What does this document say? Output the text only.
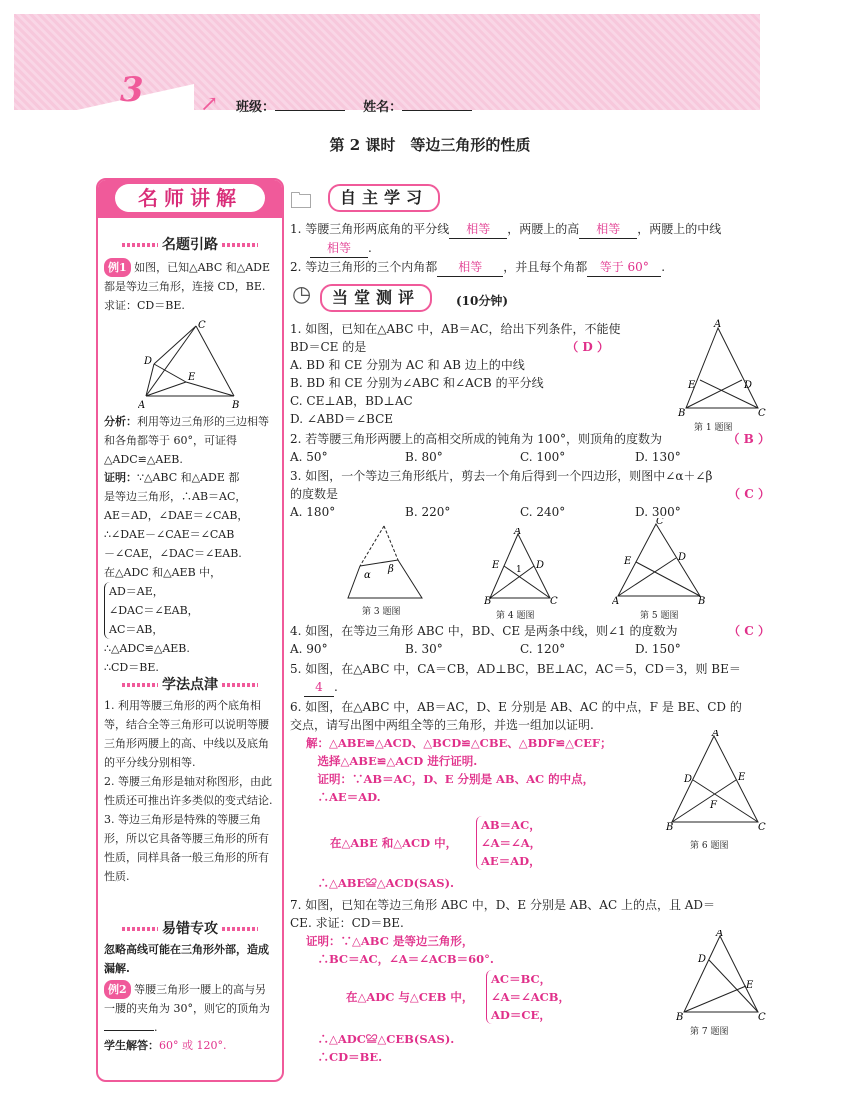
3	↗ 班级：	姓名：
第 2 课时　等边三角形的性质
名师讲解
名题引路
例1 如图，已知△ABC 和△ADE 都是等边三角形，连接 CD，BE. 求证：CD＝BE.
C
D
E
A	B
分析：利用等边三角形的三边相等和各角都等于 60°，可证得△ADC≌△AEB.
证明：∵△ABC 和△ADE 都
是等边三角形，∴AB＝AC，
AE＝AD，∠DAE＝∠CAB，
∴∠DAE－∠CAE＝∠CAB
－∠CAE，∠DAC＝∠EAB.
在△ADC 和△AEB 中，
AD＝AE，
∠DAC＝∠EAB，
AC＝AB，
∴△ADC≌△AEB.
∴CD＝BE.
学法点津
1. 利用等腰三角形的两个底角相等，结合全等三角形可以说明等腰三角形两腰上的高、中线以及底角的平分线分别相等.
2. 等腰三角形是轴对称图形，由此性质还可推出许多类似的变式结论.
3. 等边三角形是特殊的等腰三角形，所以它具备等腰三角形的所有性质，同样具备一般三角形的所有性质.
易错专攻
忽略高线可能在三角形外部，造成漏解.
例2 等腰三角形一腰上的高与另一腰的夹角为 30°，则它的顶角为.
学生解答：60° 或 120°.
🗀	自主学习
1. 等腰三角形两底角的平分线 相等 ，两腰上的高 相等 ，两腰上的中线
相等 .
2. 等边三角形的三个内角都 相等 ，并且每个角都 等于 60° .
◷	当堂测评	(10分钟)
1. 如图，已知在△ABC 中，AB＝AC，给出下列条件，不能使
BD＝CE 的是	（ D ）
A. BD 和 CE 分别为 AC 和 AB 边上的中线
B. BD 和 CE 分别为∠ABC 和∠ACB 的平分线
C. CE⊥AB，BD⊥AC
D. ∠ABD＝∠BCE
A
E	D
B	C
第 1 题图
2. 若等腰三角形两腰上的高相交所成的钝角为 100°，则顶角的度数为	（ B ）
A. 50°	B. 80°	C. 100°	D. 130°
3. 如图，一个等边三角形纸片，剪去一个角后得到一个四边形，则图中∠α＋∠β
的度数是	（ C ）
A. 180°	B. 220°	C. 240°	D. 300°
α
β
第 3 题图
A
E	D
1
B	C
第 4 题图
C
E	D
A	B
第 5 题图
4. 如图，在等边三角形 ABC 中，BD、CE 是两条中线，则∠1 的度数为	（ C ）
A. 90°	B. 30°	C. 120°	D. 150°
5. 如图，在△ABC 中，CA＝CB，AD⊥BC，BE⊥AC，AC＝5，CD＝3，则 BE＝
4 .
6. 如图，在△ABC 中，AB＝AC，D、E 分别是 AB、AC 的中点，F 是 BE、CD 的
交点，请写出图中两组全等的三角形，并选一组加以证明.
解：△ABE≌△ACD、△BCD≌△CBE、△BDF≌△CEF；
　选择△ABE≌△ACD 进行证明.
　证明：∵AB＝AC，D、E 分别是 AB、AC 的中点，
　∴AE＝AD.
在△ABE 和△ACD 中，
AB＝AC，
∠A＝∠A，
AE＝AD，
　∴△ABE≌△ACD(SAS).
A
D	E
F
B	C
第 6 题图
7. 如图，已知在等边三角形 ABC 中，D、E 分别是 AB、AC 上的点，且 AD＝
CE. 求证：CD＝BE.
证明：∵△ABC 是等边三角形，
　∴BC＝AC，∠A＝∠ACB＝60°.
在△ADC 与△CEB 中，
AC＝BC，
∠A＝∠ACB，
AD＝CE，
　∴△ADC≌△CEB(SAS).
　∴CD＝BE.
A
D
E
B	C
第 7 题图
